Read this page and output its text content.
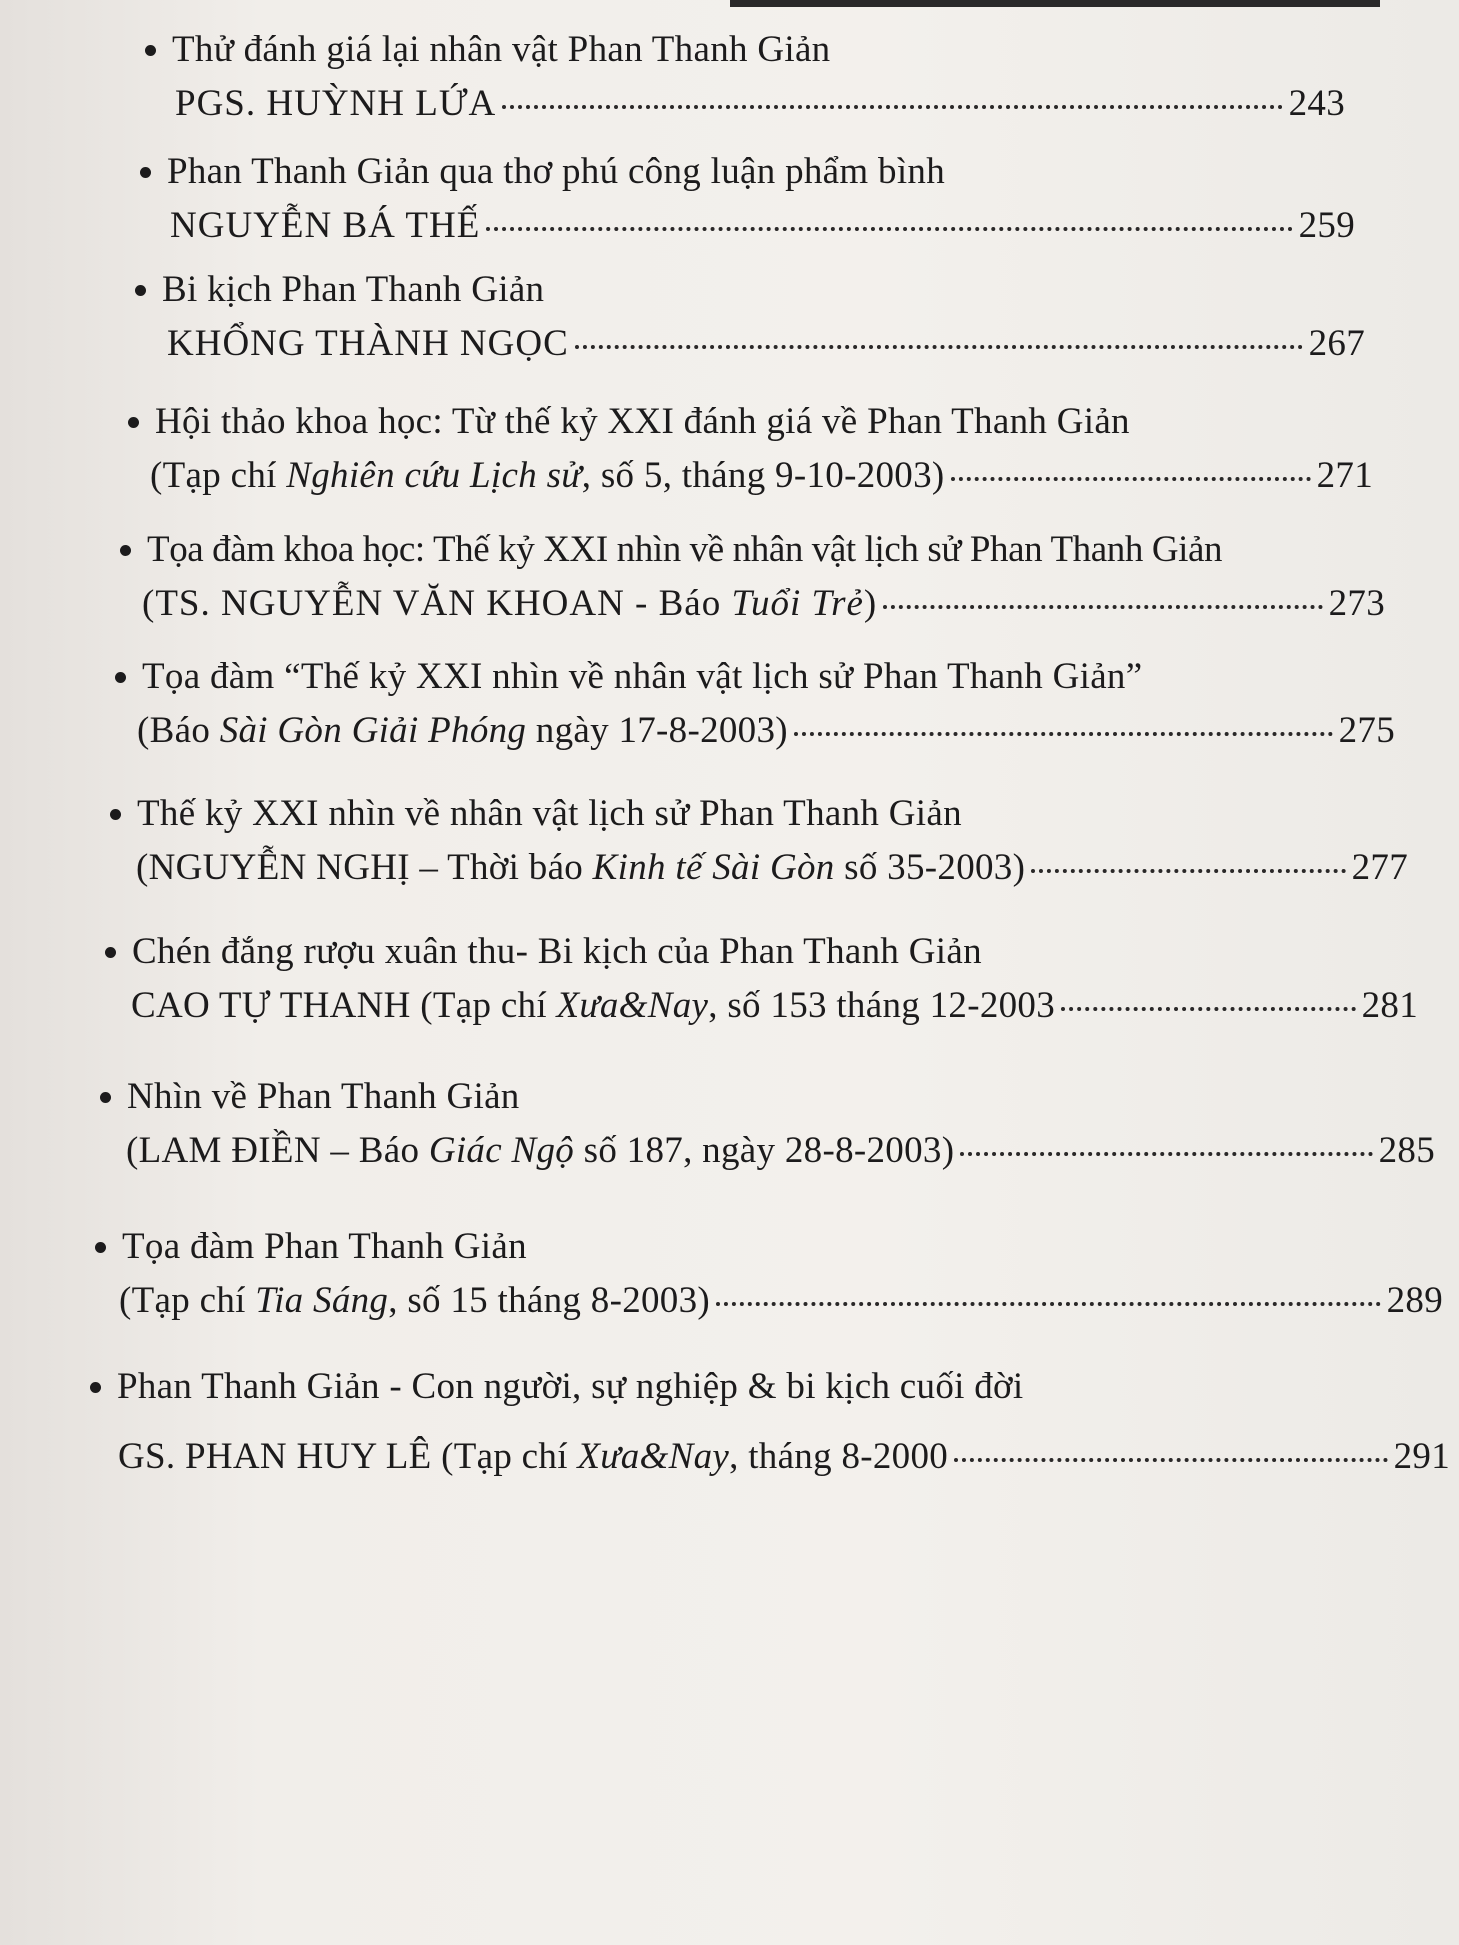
Thử đánh giá lại nhân vật Phan Thanh Giản
PGS. HUỲNH LỨA	243
Phan Thanh Giản qua thơ phú công luận phẩm bình
NGUYỄN BÁ THẾ	259
Bi kịch Phan Thanh Giản
KHỔNG THÀNH NGỌC	267
Hội thảo khoa học: Từ thế kỷ XXI đánh giá về Phan Thanh Giản
(Tạp chí Nghiên cứu Lịch sử, số 5, tháng 9-10-2003)	271
Tọa đàm khoa học: Thế kỷ XXI nhìn về nhân vật lịch sử Phan Thanh Giản
(TS. NGUYỄN VĂN KHOAN - Báo Tuổi Trẻ)	273
Tọa đàm “Thế kỷ XXI nhìn về nhân vật lịch sử Phan Thanh Giản”
(Báo Sài Gòn Giải Phóng ngày 17-8-2003)	275
Thế kỷ XXI nhìn về nhân vật lịch sử Phan Thanh Giản
(NGUYỄN NGHỊ – Thời báo Kinh tế Sài Gòn số 35-2003)	277
Chén đắng rượu xuân thu- Bi kịch của Phan Thanh Giản
CAO TỰ THANH (Tạp chí Xưa&Nay, số 153 tháng 12-2003	281
Nhìn về Phan Thanh Giản
(LAM ĐIỀN – Báo Giác Ngộ số 187, ngày 28-8-2003)	285
Tọa đàm Phan Thanh Giản
(Tạp chí Tia Sáng, số 15 tháng 8-2003)	289
Phan Thanh Giản - Con người, sự nghiệp & bi kịch cuối đời
GS. PHAN HUY LÊ (Tạp chí Xưa&Nay, tháng 8-2000	291
